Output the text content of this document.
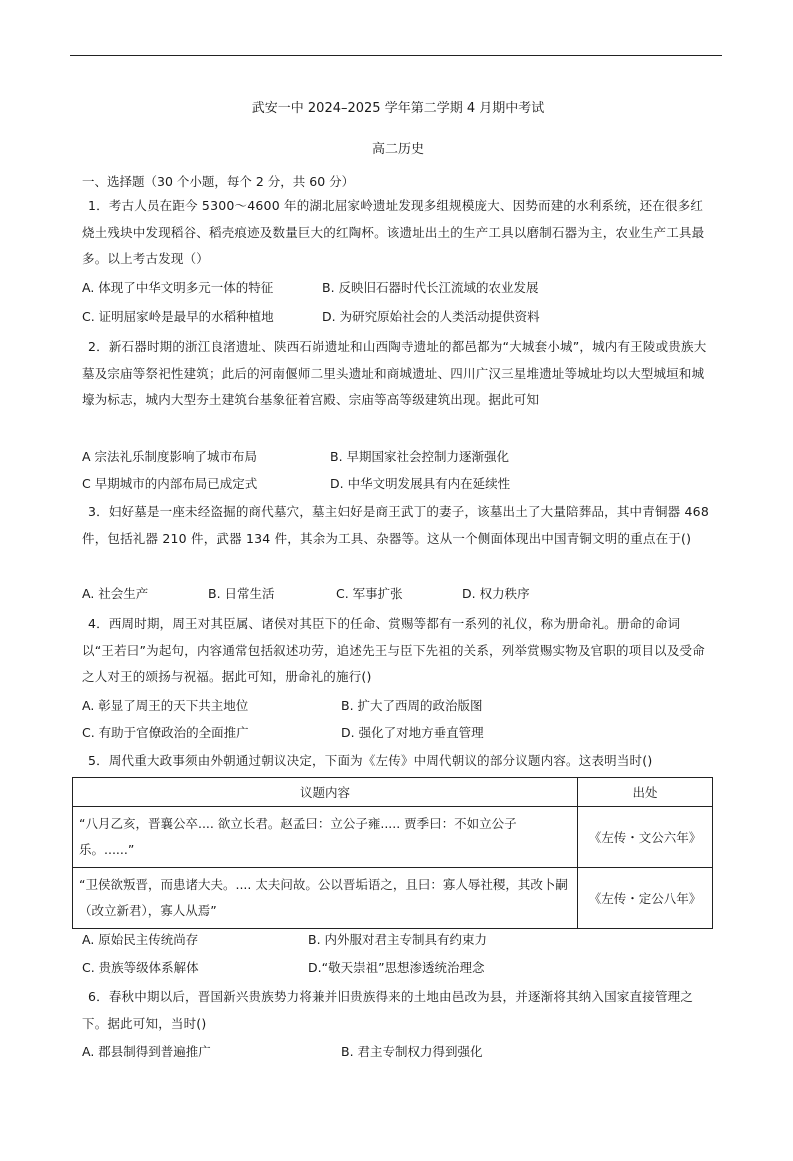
武安一中 2024–2025 学年第二学期 4 月期中考试
高二历史
一、选择题（30 个小题，每个 2 分，共 60 分）
1．考古人员在距今 5300～4600 年的湖北屈家岭遗址发现多组规模庞大、因势而建的水利系统，还在很多红烧土残块中发现稻谷、稻壳痕迹及数量巨大的红陶杯。该遗址出土的生产工具以磨制石器为主，农业生产工具最多。以上考古发现（）
A. 体现了中华文明多元一体的特征	B. 反映旧石器时代长江流域的农业发展
C. 证明屈家岭是最早的水稻种植地	D. 为研究原始社会的人类活动提供资料
2．新石器时期的浙江良渚遗址、陕西石峁遗址和山西陶寺遗址的都邑都为“大城套小城”，城内有王陵或贵族大墓及宗庙等祭祀性建筑；此后的河南偃师二里头遗址和商城遗址、四川广汉三星堆遗址等城址均以大型城垣和城壕为标志，城内大型夯土建筑台基象征着宫殿、宗庙等高等级建筑出现。据此可知
A 宗法礼乐制度影响了城市布局	B. 早期国家社会控制力逐渐强化
C 早期城市的内部布局已成定式	D. 中华文明发展具有内在延续性
3．妇好墓是一座未经盗掘的商代墓穴，墓主妇好是商王武丁的妻子，该墓出土了大量陪葬品，其中青铜器 468 件，包括礼器 210 件，武器 134 件，其余为工具、杂器等。这从一个侧面体现出中国青铜文明的重点在于()
A. 社会生产	B. 日常生活	C. 军事扩张	D. 权力秩序
4．西周时期，周王对其臣属、诸侯对其臣下的任命、赏赐等都有一系列的礼仪，称为册命礼。册命的命词以“王若曰”为起句，内容通常包括叙述功劳，追述先王与臣下先祖的关系，列举赏赐实物及官职的项目以及受命之人对王的颂扬与祝福。据此可知，册命礼的施行()
A. 彰显了周王的天下共主地位	B. 扩大了西周的政治版图
C. 有助于官僚政治的全面推广	D. 强化了对地方垂直管理
5．周代重大政事须由外朝通过朝议决定，下面为《左传》中周代朝议的部分议题内容。这表明当时()
议题内容	出处
“八月乙亥，晋襄公卒.... 欲立长君。赵孟曰：立公子雍..... 贾季曰：不如立公子乐。......”	《左传・文公六年》
“卫侯欲叛晋，而患诸大夫。.... 太夫问故。公以晋垢语之，且曰：寡人辱社稷，其改卜嗣（改立新君），寡人从焉”	《左传・定公八年》
A. 原始民主传统尚存	B. 内外服对君主专制具有约束力
C. 贵族等级体系解体	D.“敬天崇祖”思想渗透统治理念
6．春秋中期以后，晋国新兴贵族势力将兼并旧贵族得来的土地由邑改为县，并逐渐将其纳入国家直接管理之下。据此可知，当时()
A. 郡县制得到普遍推广	B. 君主专制权力得到强化
